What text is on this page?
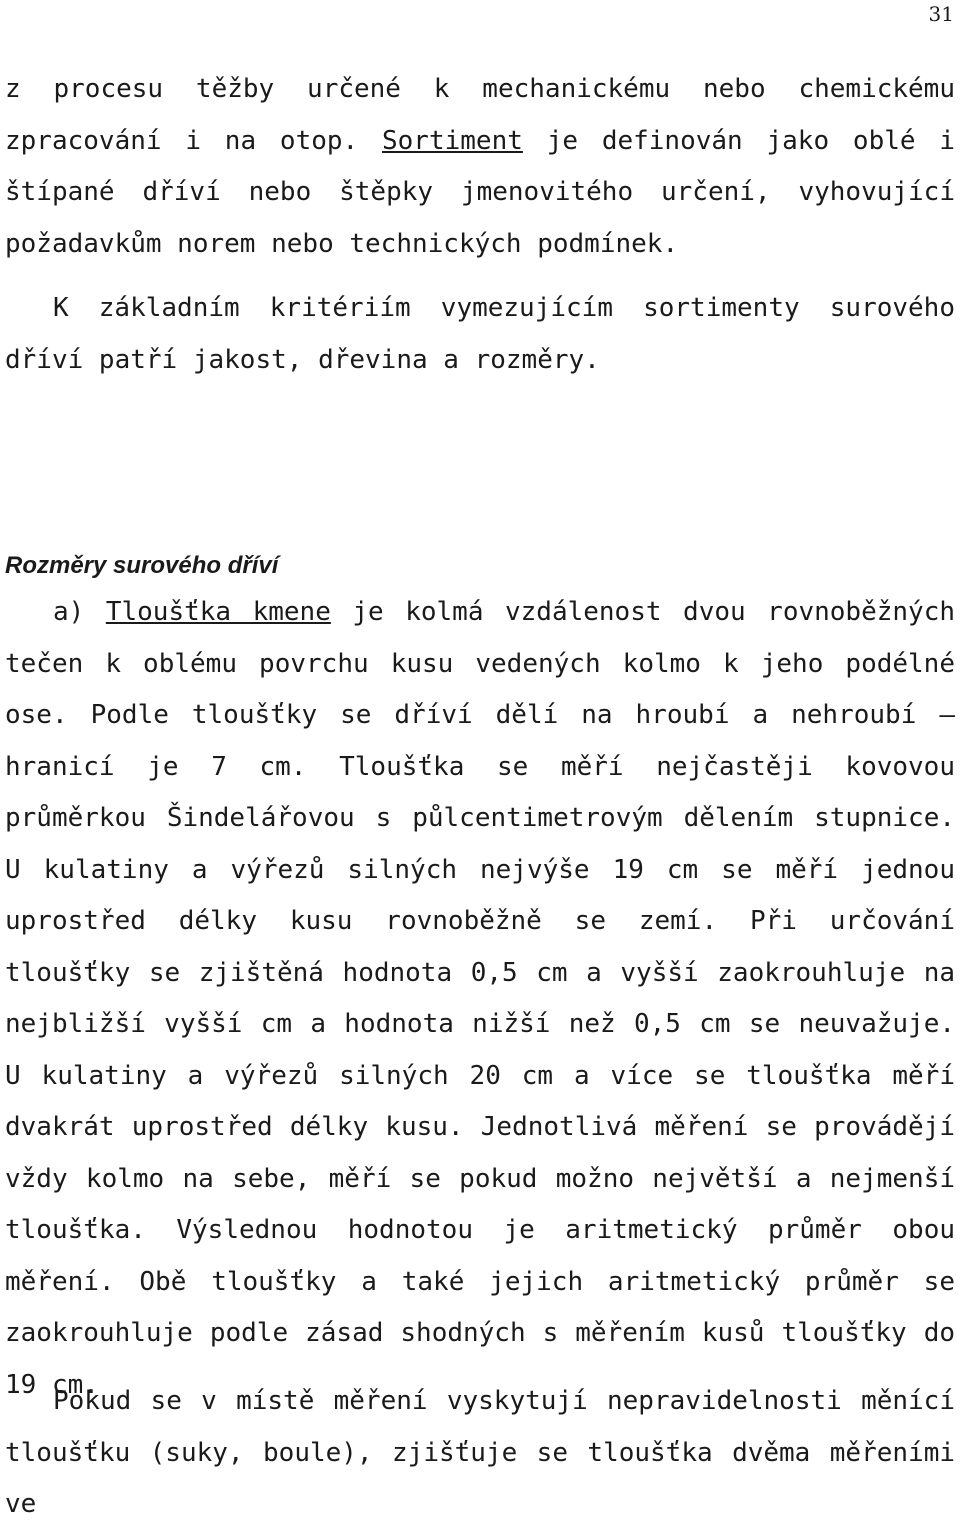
31

z procesu těžby určené k mechanickému nebo chemickému zpracování i na otop. Sortiment je definován jako oblé i štípané dříví nebo štěpky jmenovitého určení, vyhovující požadavkům norem nebo technických podmínek.

K základním kritériím vymezujícím sortimenty surového dříví patří jakost, dřevina a rozměry.

Rozměry surového dříví

a) Tloušťka kmene je kolmá vzdálenost dvou rovnoběžných tečen k oblému povrchu kusu vedených kolmo k jeho podélné ose. Podle tloušťky se dříví dělí na hroubí a nehroubí – hranicí je 7 cm. Tloušťka se měří nejčastěji kovovou průměrkou Šindelářovou s půlcentimetrovým dělením stupnice. U kulatiny a výřezů silných nejvýše 19 cm se měří jednou uprostřed délky kusu rovnoběžně se zemí. Při určování tloušťky se zjištěná hodnota 0,5 cm a vyšší zaokrouhluje na nejbližší vyšší cm a hodnota nižší než 0,5 cm se neuvažuje. U kulatiny a výřezů silných 20 cm a více se tloušťka měří dvakrát uprostřed délky kusu. Jednotlivá měření se provádějí vždy kolmo na sebe, měří se pokud možno největší a nejmenší tloušťka. Výslednou hodnotou je aritmetický průměr obou měření. Obě tloušťky a také jejich aritmetický průměr se zaokrouhluje podle zásad shodných s měřením kusů tloušťky do 19 cm.

Pokud se v místě měření vyskytují nepravidelnosti měnící tloušťku (suky, boule), zjišťuje se tloušťka dvěma měřeními ve
